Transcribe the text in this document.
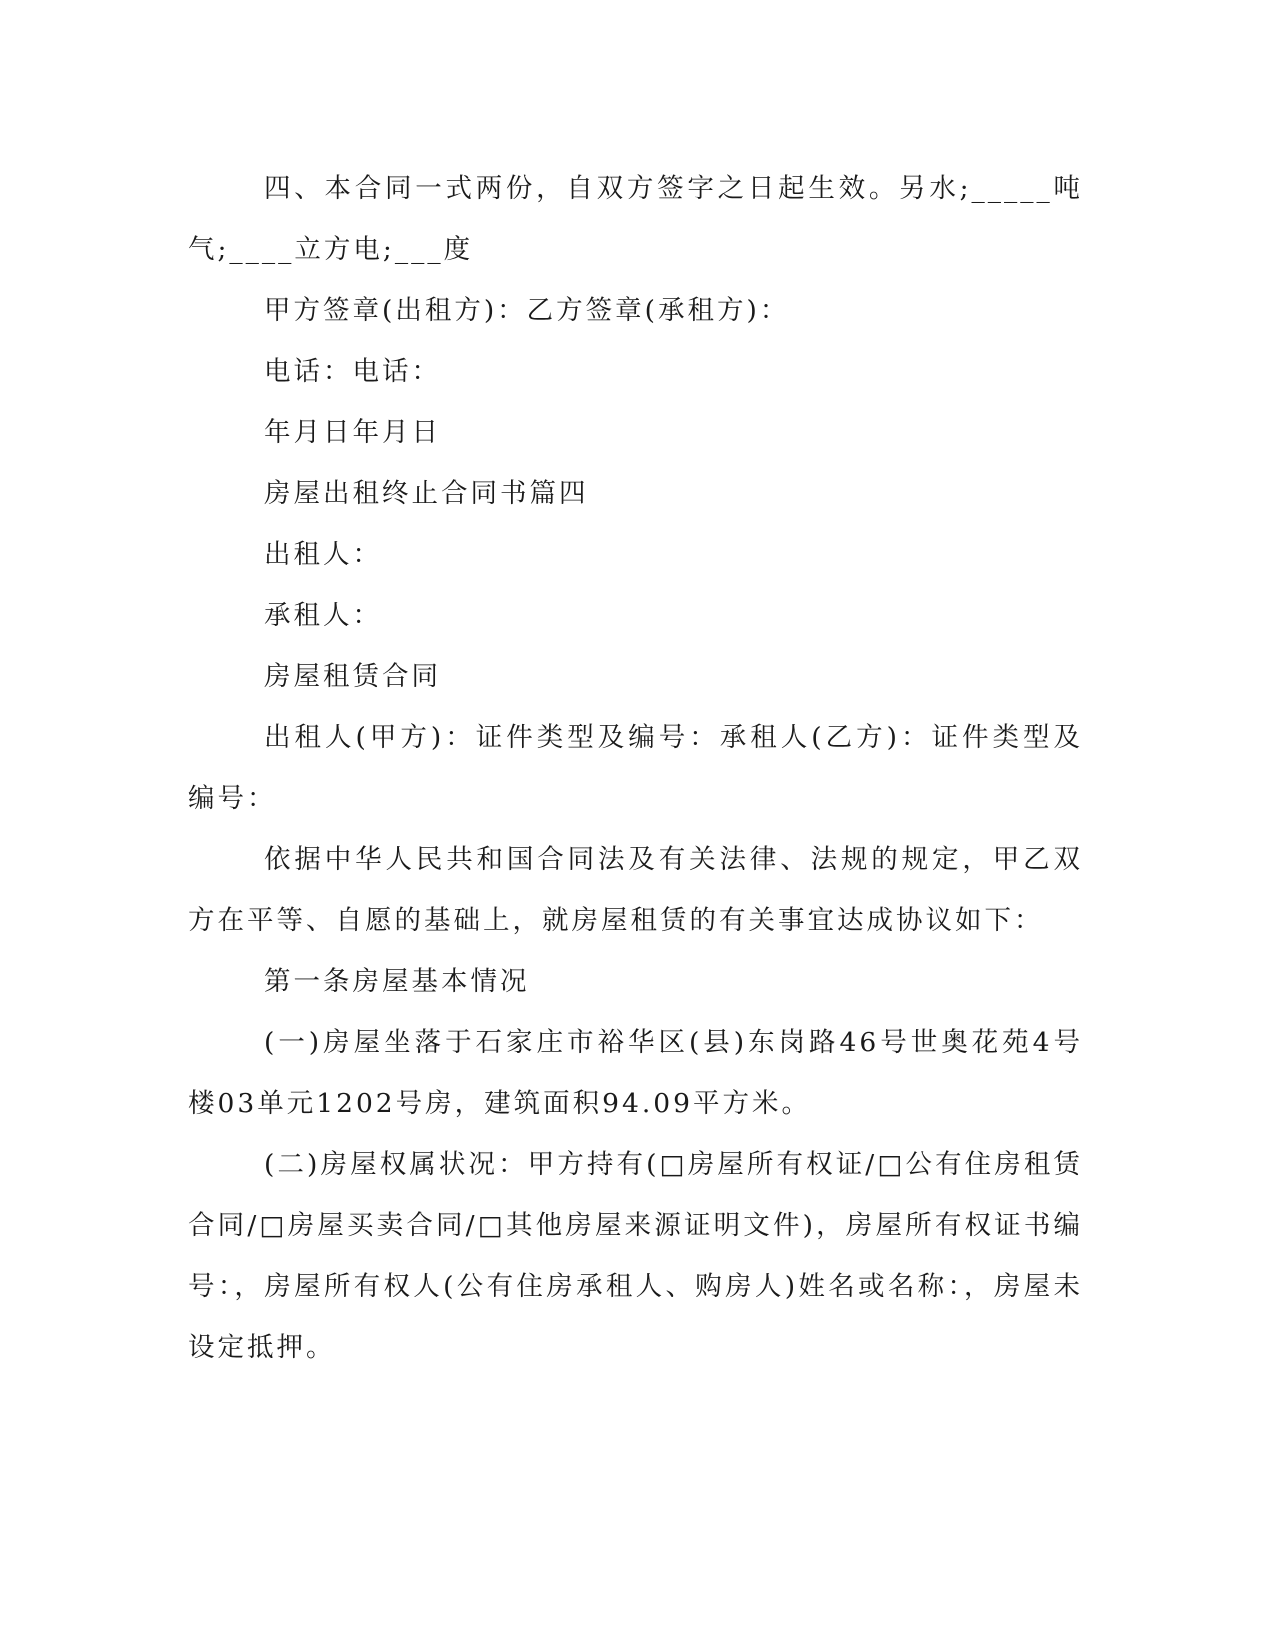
四、本合同一式两份，自双方签字之日起生效。另水;_____吨气;____立方电;___度

甲方签章(出租方)：乙方签章(承租方)：

电话：电话：

年月日年月日

房屋出租终止合同书篇四

出租人：

承租人：

房屋租赁合同

出租人(甲方)：证件类型及编号：承租人(乙方)：证件类型及编号：

依据中华人民共和国合同法及有关法律、法规的规定，甲乙双方在平等、自愿的基础上，就房屋租赁的有关事宜达成协议如下：

第一条房屋基本情况

(一)房屋坐落于石家庄市裕华区(县)东岗路46号世奥花苑4号楼03单元1202号房，建筑面积94.09平方米。

(二)房屋权属状况：甲方持有(□房屋所有权证/□公有住房租赁合同/□房屋买卖合同/□其他房屋来源证明文件)，房屋所有权证书编号：，房屋所有权人(公有住房承租人、购房人)姓名或名称：，房屋未设定抵押。
